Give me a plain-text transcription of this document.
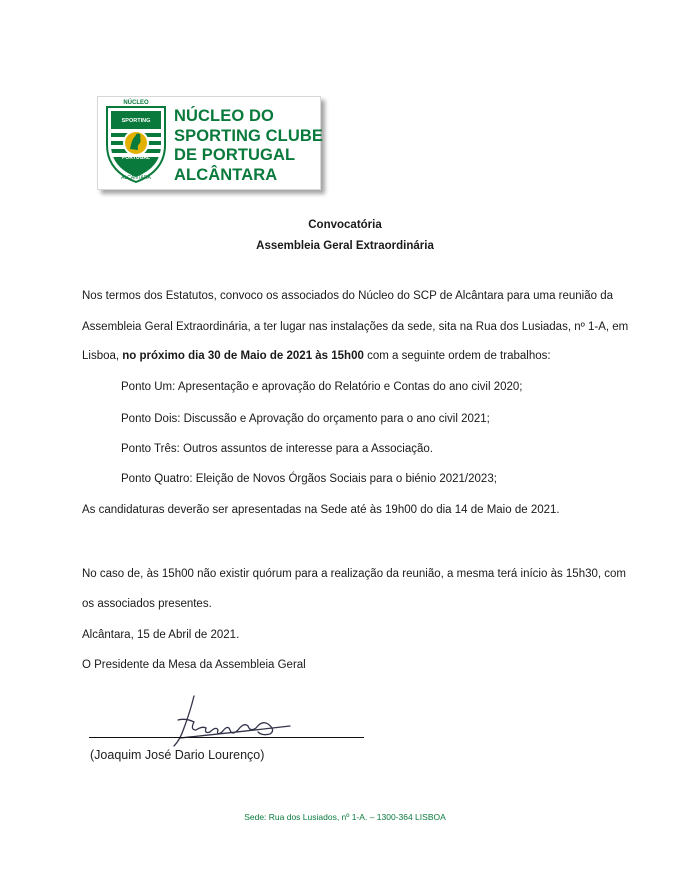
NÚCLEO
SPORTING
PORTUGAL
ALCÂNTARA
NÚCLEO DO
SPORTING CLUBE
DE PORTUGAL
ALCÂNTARA
Convocatória
Assembleia Geral Extraordinária
Nos termos dos Estatutos, convoco os associados do Núcleo do SCP de Alcântara para uma reunião da
Assembleia Geral Extraordinária, a ter lugar nas instalações da sede, sita na Rua dos Lusiadas, nº 1-A, em
Lisboa, no próximo dia 30 de Maio de 2021 às 15h00 com a seguinte ordem de trabalhos:
Ponto Um: Apresentação e aprovação do Relatório e Contas do ano civil 2020;
Ponto Dois: Discussão e Aprovação do orçamento para o ano civil 2021;
Ponto Três: Outros assuntos de interesse para a Associação.
Ponto Quatro: Eleição de Novos Órgãos Sociais para o biénio 2021/2023;
As candidaturas deverão ser apresentadas na Sede até às 19h00 do dia 14 de Maio de 2021.
No caso de, às 15h00 não existir quórum para a realização da reunião, a mesma terá início às 15h30, com
os associados presentes.
Alcântara, 15 de Abril de 2021.
O Presidente da Mesa da Assembleia Geral
(Joaquim José Dario Lourenço)
Sede: Rua dos Lusiados, nº 1-A. – 1300-364 LISBOA
